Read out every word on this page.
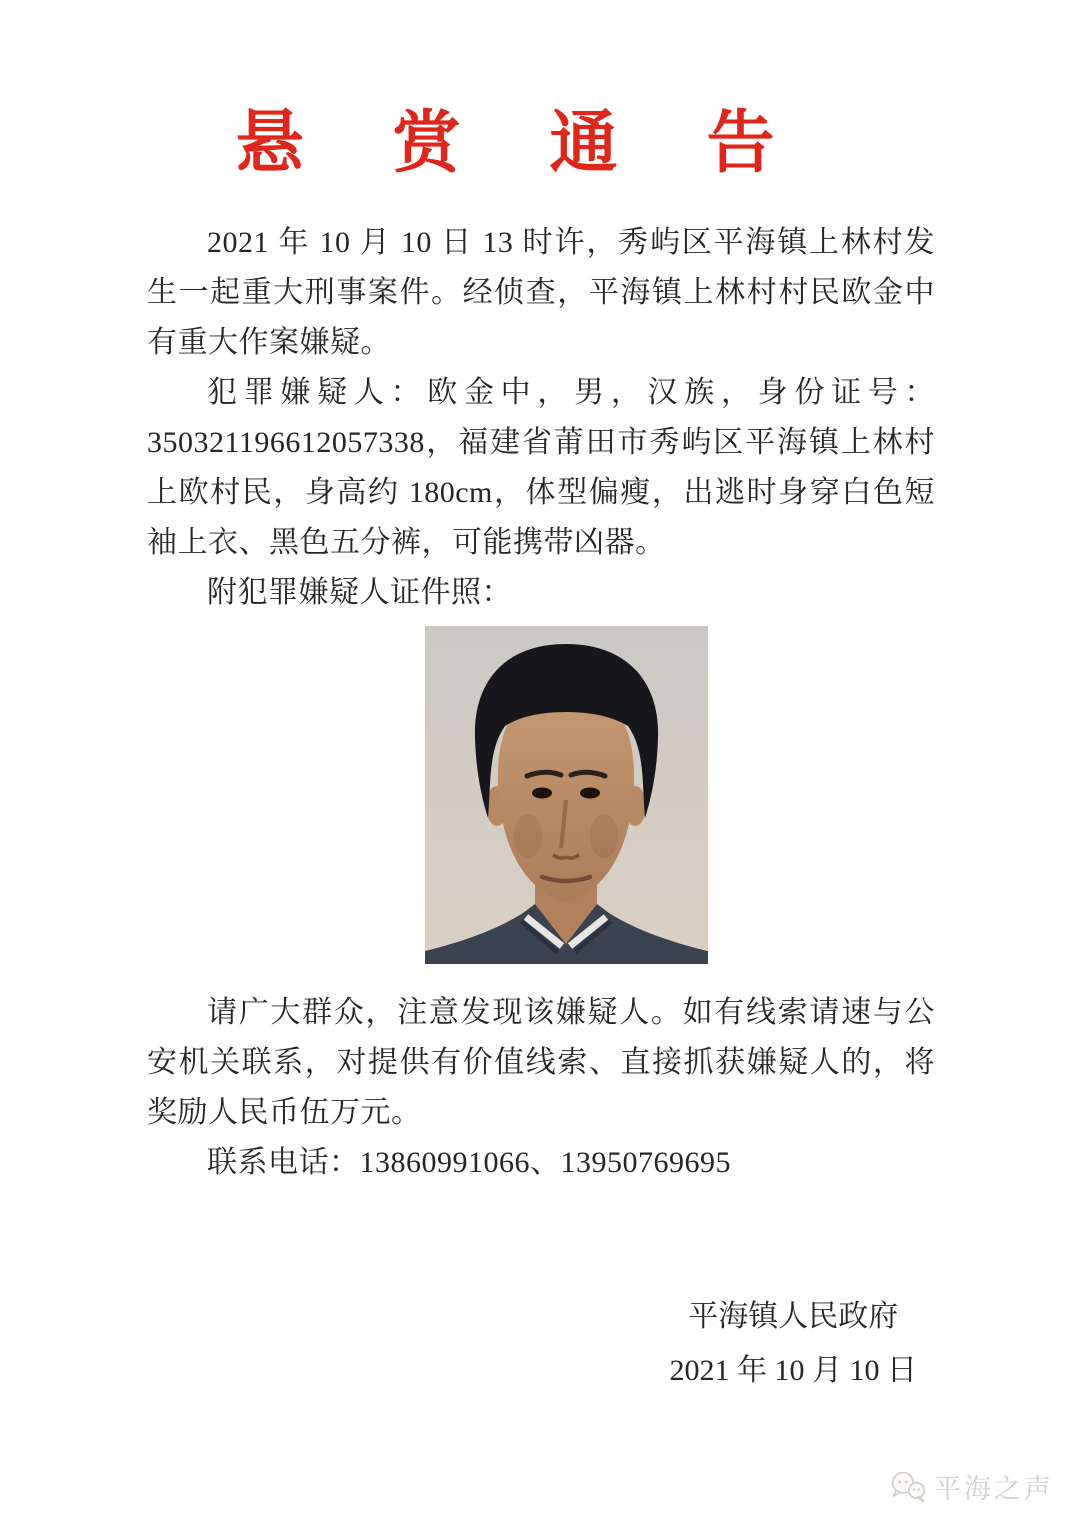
悬 赏 通 告

2021 年 10 月 10 日 13 时许，秀屿区平海镇上林村发生一起重大刑事案件。经侦查，平海镇上林村村民欧金中有重大作案嫌疑。

犯罪嫌疑人：欧金中，男，汉族，身份证号：350321196612057338，福建省莆田市秀屿区平海镇上林村上欧村民，身高约 180cm，体型偏瘦，出逃时身穿白色短袖上衣、黑色五分裤，可能携带凶器。

附犯罪嫌疑人证件照：

请广大群众，注意发现该嫌疑人。如有线索请速与公安机关联系，对提供有价值线索、直接抓获嫌疑人的，将奖励人民币伍万元。

联系电话：13860991066、13950769695

平海镇人民政府
2021 年 10 月 10 日
平海之声
